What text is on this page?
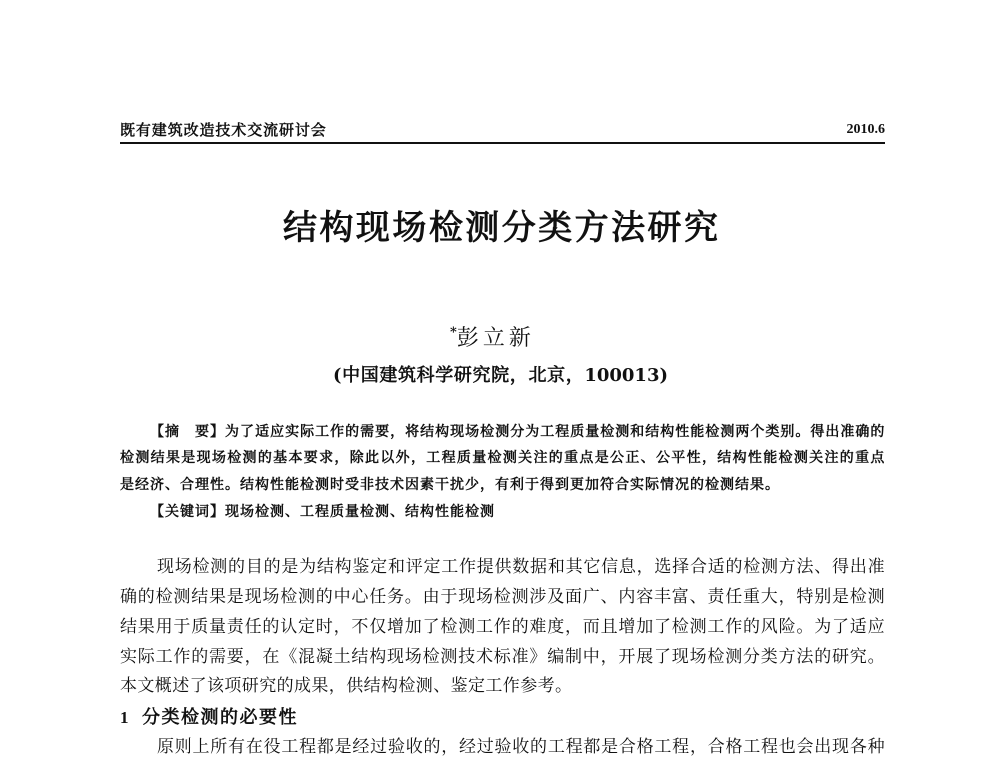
既有建筑改造技术交流研讨会	2010.6
结构现场检测分类方法研究
*彭立新
(中国建筑科学研究院，北京，100013)
【摘　要】为了适应实际工作的需要，将结构现场检测分为工程质量检测和结构性能检测两个类别。得出准确的
检测结果是现场检测的基本要求，除此以外，工程质量检测关注的重点是公正、公平性，结构性能检测关注的重点
是经济、合理性。结构性能检测时受非技术因素干扰少，有利于得到更加符合实际情况的检测结果。
【关键词】现场检测、工程质量检测、结构性能检测
现场检测的目的是为结构鉴定和评定工作提供数据和其它信息，选择合适的检测方法、得出准
确的检测结果是现场检测的中心任务。由于现场检测涉及面广、内容丰富、责任重大，特别是检测
结果用于质量责任的认定时，不仅增加了检测工作的难度，而且增加了检测工作的风险。为了适应
实际工作的需要，在《混凝土结构现场检测技术标准》编制中，开展了现场检测分类方法的研究。
本文概述了该项研究的成果，供结构检测、鉴定工作参考。
1 分类检测的必要性
原则上所有在役工程都是经过验收的，经过验收的工程都是合格工程，合格工程也会出现各种
